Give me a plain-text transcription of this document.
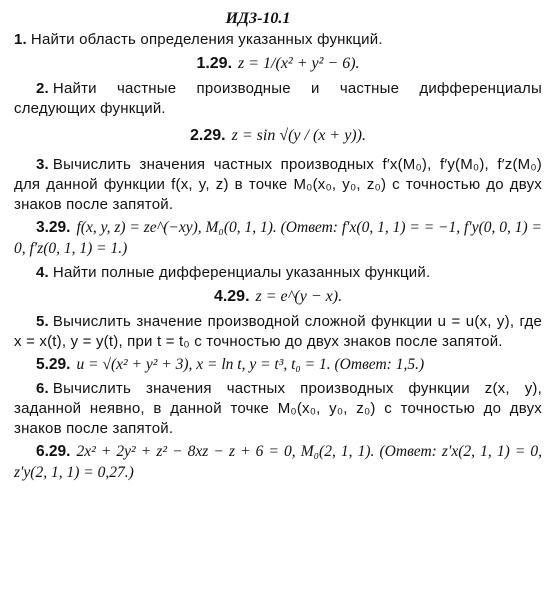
ИДЗ-10.1
1. Найти область определения указанных функций.
1.29. z = 1/(x² + y² − 6).
2. Найти частные производные и частные дифференциалы следующих функций.
2.29. z = sin √(y / (x + y)).
3. Вычислить значения частных производных f′x(M₀), f′y(M₀), f′z(M₀) для данной функции f(x, y, z) в точке M₀(x₀, y₀, z₀) с точностью до двух знаков после запятой.
3.29. f(x, y, z) = ze^(−xy), M₀(0, 1, 1). (Ответ: f′x(0, 1, 1) = = −1, f′y(0, 0, 1) = 0, f′z(0, 1, 1) = 1.)
4. Найти полные дифференциалы указанных функций.
4.29. z = e^(y − x).
5. Вычислить значение производной сложной функции u = u(x, y), где x = x(t), y = y(t), при t = t₀ с точностью до двух знаков после запятой.
5.29. u = √(x² + y² + 3), x = ln t, y = t³, t₀ = 1. (Ответ: 1,5.)
6. Вычислить значения частных производных функции z(x, y), заданной неявно, в данной точке M₀(x₀, y₀, z₀) с точностью до двух знаков после запятой.
6.29. 2x² + 2y² + z² − 8xz − z + 6 = 0, M₀(2, 1, 1). (Ответ: z′x(2, 1, 1) = 0, z′y(2, 1, 1) = 0,27.)
